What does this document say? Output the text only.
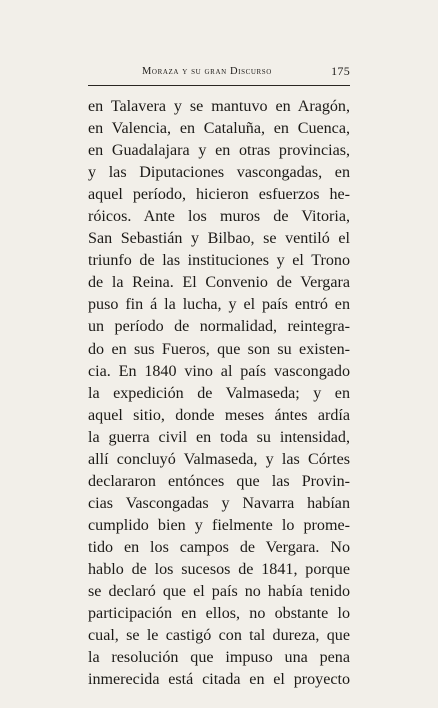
Moraza y su gran Discurso	175
en Talavera y se mantuvo en Aragón,
en Valencia, en Cataluña, en Cuenca,
en Guadalajara y en otras provincias,
y las Diputaciones vascongadas, en
aquel período, hicieron esfuerzos he-
róicos. Ante los muros de Vitoria,
San Sebastián y Bilbao, se ventiló el
triunfo de las instituciones y el Trono
de la Reina. El Convenio de Vergara
puso fin á la lucha, y el país entró en
un período de normalidad, reintegra-
do en sus Fueros, que son su existen-
cia. En 1840 vino al país vascongado
la expedición de Valmaseda; y en
aquel sitio, donde meses ántes ardía
la guerra civil en toda su intensidad,
allí concluyó Valmaseda, y las Córtes
declararon entónces que las Provin-
cias Vascongadas y Navarra habían
cumplido bien y fielmente lo prome-
tido en los campos de Vergara. No
hablo de los sucesos de 1841, porque
se declaró que el país no había tenido
participación en ellos, no obstante lo
cual, se le castigó con tal dureza, que
la resolución que impuso una pena
inmerecida está citada en el proyecto
